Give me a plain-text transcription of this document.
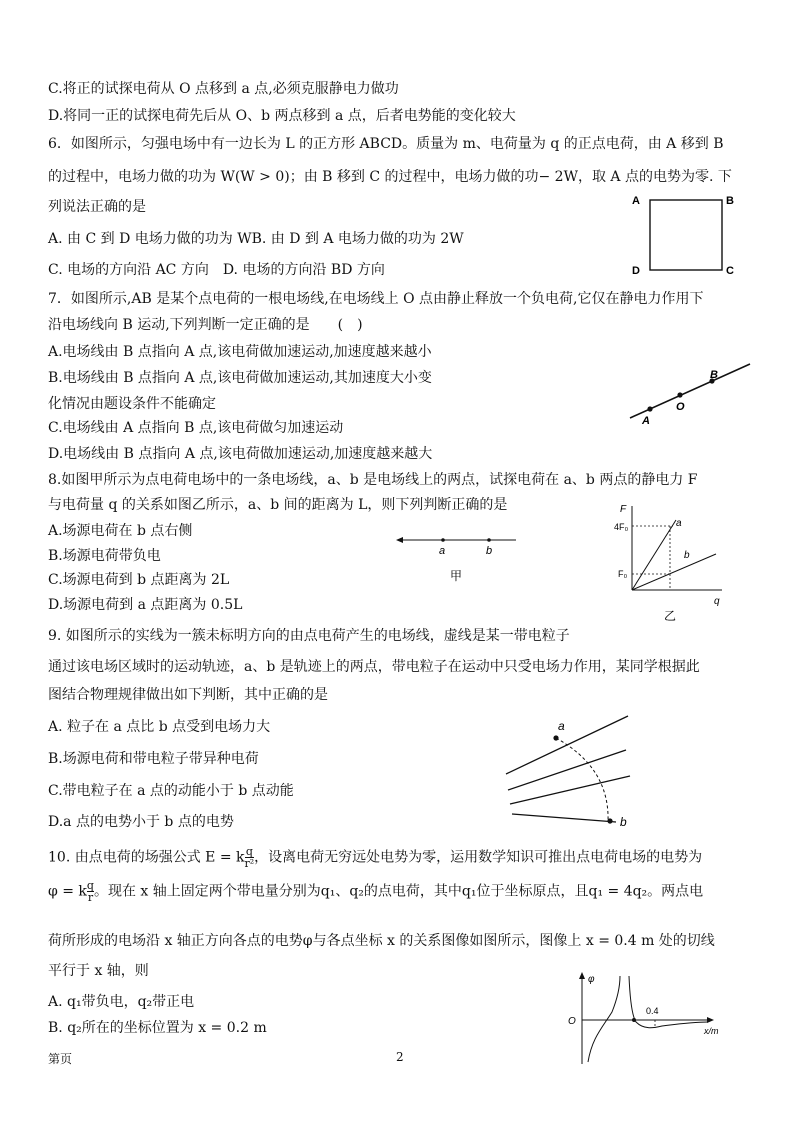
C.将正的试探电荷从 O 点移到 a 点,必须克服静电力做功
D.将同一正的试探电荷先后从 O、b 两点移到 a 点，后者电势能的变化较大
6．如图所示，匀强电场中有一边长为 L 的正方形 ABCD。质量为 m、电荷量为 q 的正点电荷，由 A 移到 B
的过程中，电场力做的功为 W(W > 0)；由 B 移到 C 的过程中，电场力做的功− 2W，取 A 点的电势为零. 下
列说法正确的是
A. 由 C 到 D 电场力做的功为 WB. 由 D 到 A 电场力做的功为 2W
C. 电场的方向沿 AC 方向　D. 电场的方向沿 BD 方向
7．如图所示,AB 是某个点电荷的一根电场线,在电场线上 O 点由静止释放一个负电荷,它仅在静电力作用下
沿电场线向 B 运动,下列判断一定正确的是　　(　)
A.电场线由 B 点指向 A 点,该电荷做加速运动,加速度越来越小
B.电场线由 B 点指向 A 点,该电荷做加速运动,其加速度大小变
化情况由题设条件不能确定
C.电场线由 A 点指向 B 点,该电荷做匀加速运动
D.电场线由 B 点指向 A 点,该电荷做加速运动,加速度越来越大
8.如图甲所示为点电荷电场中的一条电场线，a、b 是电场线上的两点，试探电荷在 a、b 两点的静电力 F
与电荷量 q 的关系如图乙所示，a、b 间的距离为 L，则下列判断正确的是
A.场源电荷在 b 点右侧
B.场源电荷带负电
C.场源电荷到 b 点距离为 2L
D.场源电荷到 a 点距离为 0.5L
9. 如图所示的实线为一簇未标明方向的由点电荷产生的电场线，虚线是某一带电粒子
通过该电场区域时的运动轨迹，a、b 是轨迹上的两点，带电粒子在运动中只受电场力作用，某同学根据此
图结合物理规律做出如下判断，其中正确的是
A. 粒子在 a 点比 b 点受到电场力大
B.场源电荷和带电粒子带异种电荷
C.带电粒子在 a 点的动能小于 b 点动能
D.a 点的电势小于 b 点的电势
10. 由点电荷的场强公式 E = k $\frac{q}{\text{r²}}$ ，设离电荷无穷远处电势为零，运用数学知识可推出点电荷电场的电势为
φ = k $\frac{q}{r}$ 。现在 x 轴上固定两个带电量分别为q₁、q₂的点电荷，其中q₁位于坐标原点，且q₁ = 4q₂。两点电
荷所形成的电场沿 x 轴正方向各点的电势φ与各点坐标 x 的关系图像如图所示，图像上 x = 0.4 m 处的切线
平行于 x 轴，则
A. q₁带负电，q₂带正电
B. q₂所在的坐标位置为 x = 0.2 m
A	B
D	C
A
O
B
a	b
甲
F
q
4F₀
F₀
a
b
乙
a
b
φ
O
x/m
0.4
第页	2
